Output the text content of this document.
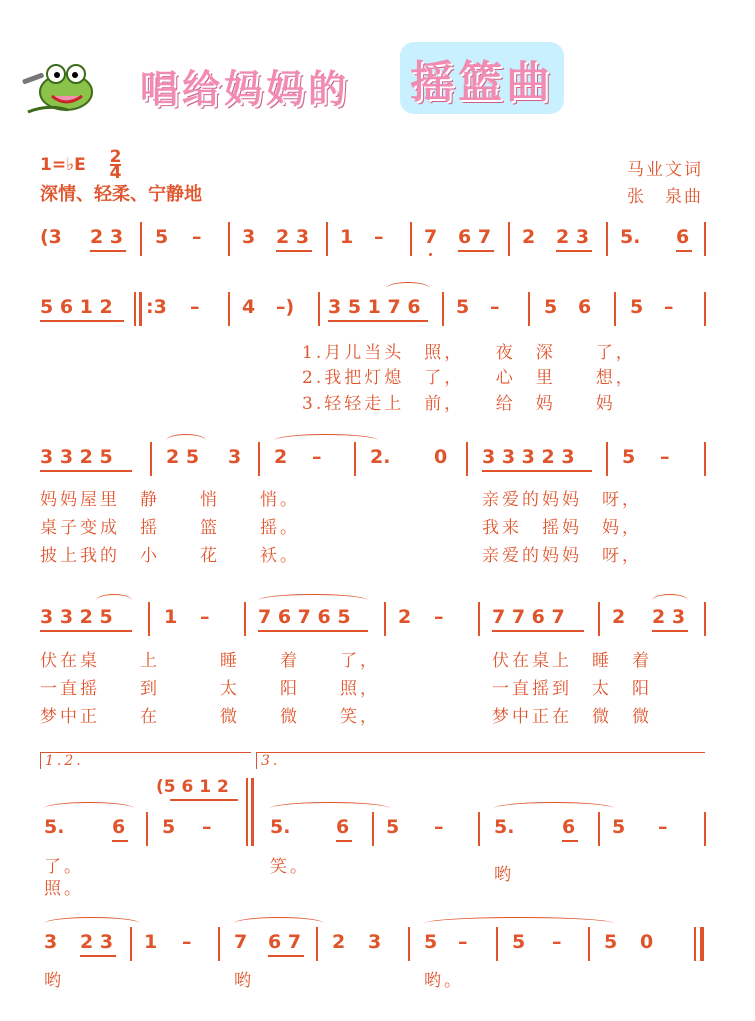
唱给妈妈的 摇篮曲
1=♭E $\frac{2}{4}$
深情、轻柔、宁静地
马业文词
张　泉曲
(3 2 3 5 – 3 2 3 1 – 7 6 7 2 2 3 5. 6
5 6 1 2 :3 – 4 –) 3 5 1 7 6 5 – 5 6 5 –
1.月儿当头　照，　　夜　深　　了，
2.我把灯熄　了，　　心　里　　想，
3.轻轻走上　前，　　给　妈　　妈
3 3 2 5	2 5 3 2 –	2. 0 3 3 3 2 3 5 –
妈妈屋里　静　　悄　　悄。	亲爱的妈妈　呀，
桌子变成　摇　　篮　　摇。	我来　摇妈　妈，
披上我的　小　　花　　袄。	亲爱的妈妈　呀，
3 3 2 5	1 –	7 6 7 6 5 2 –	7 7 6 7 2 2 3
伏在桌　　上　　　睡　　着　　了，	伏在桌上　睡　着
一直摇　　到　　　太　　阳　　照，	一直摇到　太　阳
梦中正　　在　　　微　　微　　笑，	梦中正在　微　微
1.2.	3.
(5 6 1 2
5.	6 5 –	5. 6 5 –	5.	6 5 –
了。
照。
笑。	哟
3 2 3 1 – 7 6 7 2 3 5 – 5 – 5 0
哟	哟	哟。
